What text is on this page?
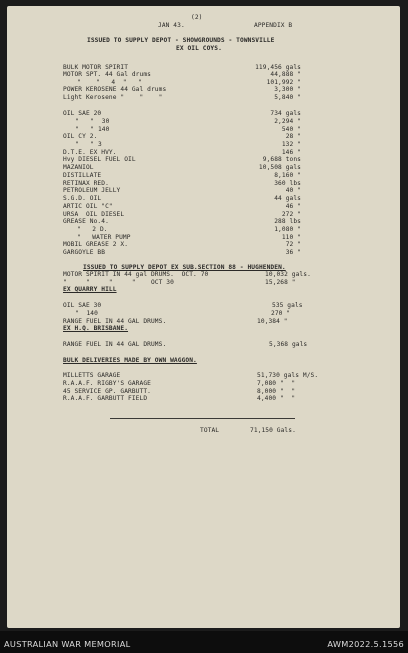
(2)
JAN 43.	APPENDIX B
ISSUED TO SUPPLY DEPOT - SHOWGROUNDS - TOWNSVILLE
EX OIL COYS.
BULK MOTOR SPIRIT	119,456 gals
MOTOR SPT. 44 Gal drums	44,888 "
"    "   4  "   "	101,992 "
POWER KEROSENE 44 Gal drums	3,300 "
Light Kerosene "    "    "	5,840 "
OIL SAE 20	734 gals
"   "  30	2,294 "
"   " 140	540 "
OIL CY 2.	28 "
"   " 3	132 "
D.T.E. EX HVY.	146 "
Hvy DIESEL FUEL OIL	9,688 tons
MAZANIOL	10,508 gals
DISTILLATE	8,160 "
RETINAX RED.	360 lbs
PETROLEUM JELLY	40 "
S.G.D. OIL	44 gals
ARTIC OIL "C"	46 "
URSA  OIL DIESEL	272 "
GREASE No.4.	288 lbs
"   2 D.	1,080 "
"   WATER PUMP	110 "
MOBIL GREASE 2 X.	72 "
GARGOYLE BB	36 "
ISSUED TO SUPPLY DEPOT EX SUB.SECTION 88 - HUGHENDEN.
MOTOR SPIRIT IN 44 gal DRUMS.  OCT. 70	10,032 gals.
"     "     "     "    OCT 30	15,268 "
EX QUARRY HILL
OIL SAE 30	535 gals
"  140	270 "
RANGE FUEL IN 44 GAL DRUMS.	10,384 "
EX H.Q. BRISBANE.
RANGE FUEL IN 44 GAL DRUMS.	5,368 gals
BULK DELIVERIES MADE BY OWN WAGGON.
MILLETTS GARAGE	51,730 gals M/S.
R.A.A.F. RIGBY'S GARAGE	7,080 "  "
45 SERVICE GP. GARBUTT.	8,000 "  "
R.A.A.F. GARBUTT FIELD	4,400 "  "
TOTAL	71,150 Gals.
AUSTRALIAN WAR MEMORIAL	AWM2022.5.1556
